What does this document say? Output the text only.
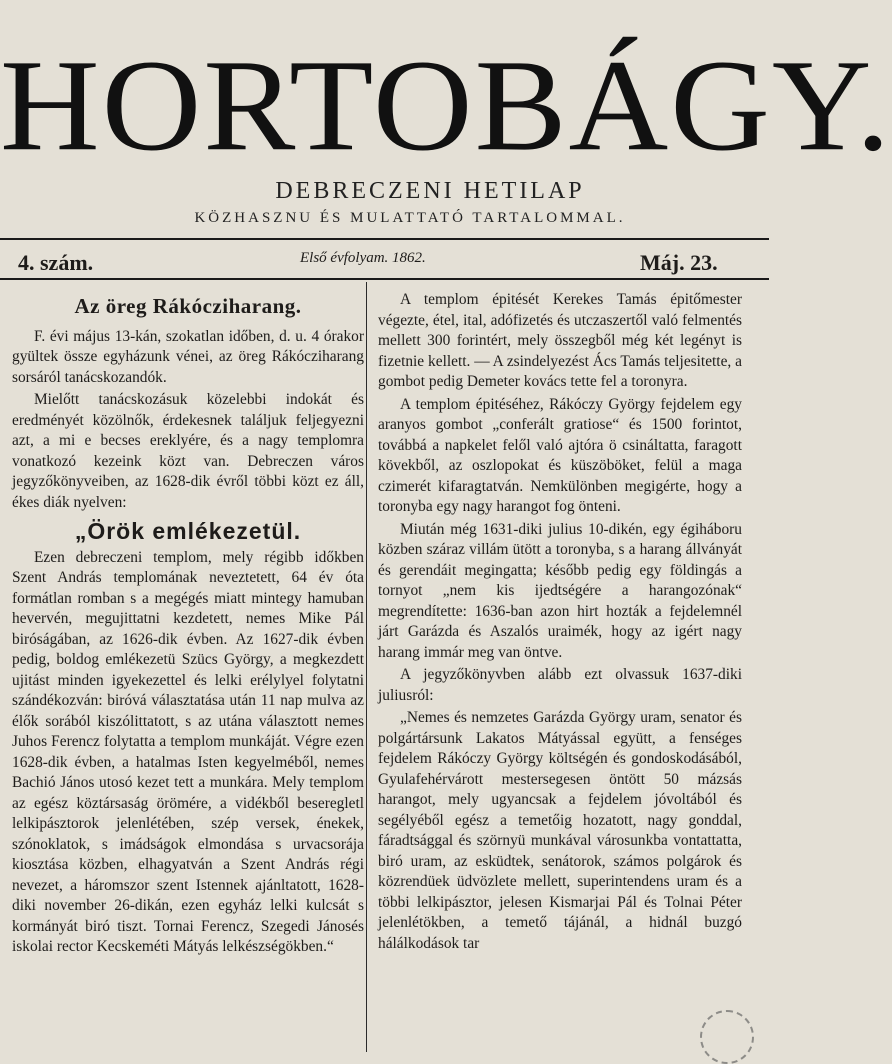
HORTOBÁGY.
DEBRECZENI HETILAP
KÖZHASZNU ÉS MULATTATÓ TARTALOMMAL.
4. szám.	Első évfolyam. 1862.	Máj. 23.
Az öreg Rákócziharang.

F. évi május 13-kán, szokatlan időben, d. u. 4 órakor gyültek össze egyházunk vénei, az öreg Rákócziharang sorsáról tanácskozandók.

Mielőtt tanácskozásuk közelebbi indokát és eredményét közölnők, érdekesnek találjuk feljegyezni azt, a mi e becses ereklyére, és a nagy templomra vonatkozó kezeink közt van. Debreczen város jegyzőkönyveiben, az 1628-dik évről többi közt ez áll, ékes diák nyelven:

„Örök emlékezetül.

Ezen debreczeni templom, mely régibb időkben Szent András templomának neveztetett, 64 év óta formátlan romban s a megégés miatt mintegy hamuban hevervén, megujittatni kezdetett, nemes Mike Pál biróságában, az 1626-dik évben. Az 1627-dik évben pedig, boldog emlékezetü Szücs György, a megkezdett ujitást minden igyekezettel és lelki erélylyel folytatni szándékozván: biróvá választatása után 11 nap mulva az élők sorából kiszólittatott, s az utána választott nemes Juhos Ferencz folytatta a templom munkáját. Végre ezen 1628-dik évben, a hatalmas Isten kegyelméből, nemes Bachió János utosó kezet tett a munkára. Mely templom az egész köztársaság örömére, a vidékből beseregletl lelkipásztorok jelenlétében, szép versek, énekek, szónoklatok, s imádságok elmondása s urvacsorája kiosztása közben, elhagyatván a Szent András régi nevezet, a háromszor szent Istennek ajánltatott, 1628-diki november 26-dikán, ezen egyház lelki kulcsát s kormányát biró tiszt. Tornai Ferencz, Szegedi Jánosés iskolai rector Kecskeméti Mátyás lelkészségökben.“

A templom épitését Kerekes Tamás épitőmester végezte, étel, ital, adófizetés és utczaszertől való felmentés mellett 300 forintért, mely összegből még két legényt is fizetnie kellett. — A zsindelyezést Ács Tamás teljesitette, a gombot pedig Demeter kovács tette fel a toronyra.

A templom épitéséhez, Rákóczy György fejdelem egy aranyos gombot „conferált gratiose“ és 1500 forintot, továbbá a napkelet felől való ajtóra ö csináltatta, faragott kövekből, az oszlopokat és küszöböket, felül a maga czimerét kifaragtatván. Nemkülönben megigérte, hogy a toronyba egy nagy harangot fog önteni.

Miután még 1631-diki julius 10-dikén, egy égiháboru közben száraz villám ütött a toronyba, s a harang állványát és gerendáit megingatta; később pedig egy földingás a tornyot „nem kis ijedtségére a harangozónak“ megrendítette: 1636-ban azon hirt hozták a fejdelemnél járt Garázda és Aszalós uraimék, hogy az igért nagy harang immár meg van öntve.

A jegyzőkönyvben alább ezt olvassuk 1637-diki juliusról:

„Nemes és nemzetes Garázda György uram, senator és polgártársunk Lakatos Mátyással együtt, a fenséges fejdelem Rákóczy György költségén és gondoskodásából, Gyulafehérvárott mestersegesen öntött 50 mázsás harangot, mely ugyancsak a fejdelem jóvoltából és segélyéből egész a temetőig hozatott, nagy gonddal, fáradtsággal és szörnyü munkával városunkba vontattatta, biró uram, az esküdtek, senátorok, számos polgárok és közrendüek üdvözlete mellett, superintendens uram és a többi lelkipásztor, jelesen Kismarjai Pál és Tolnai Péter jelenlétökben, a temető tájánál, a hidnál buzgó hálálkodások tar
